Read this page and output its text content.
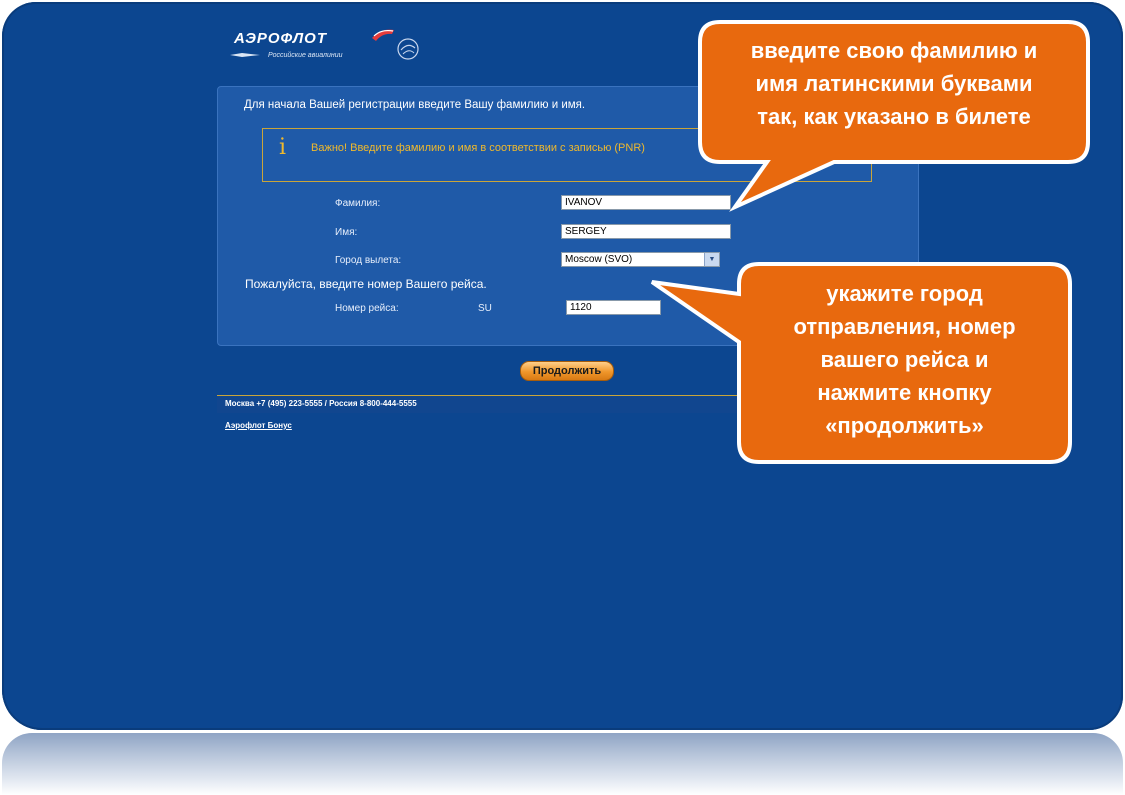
АЭРОФЛОТ
Российские авиалинии
Для начала Вашей регистрации введите Вашу фамилию и имя.
i Важно! Введите фамилию и имя в соответствии с записью (PNR)
Фамилия:	IVANOV
Имя:	SERGEY
Город вылета:	Moscow (SVO)	▼
Пожалуйста, введите номер Вашего рейса.
Номер рейса:	SU	1120
Продолжить
Москва +7 (495) 223-5555 / Россия 8-800-444-5555
Аэрофлот Бонус
введите свою фамилию и
имя латинскими буквами
так, как указано в билете
укажите город
отправления, номер
вашего рейса и
нажмите кнопку
«продолжить»
